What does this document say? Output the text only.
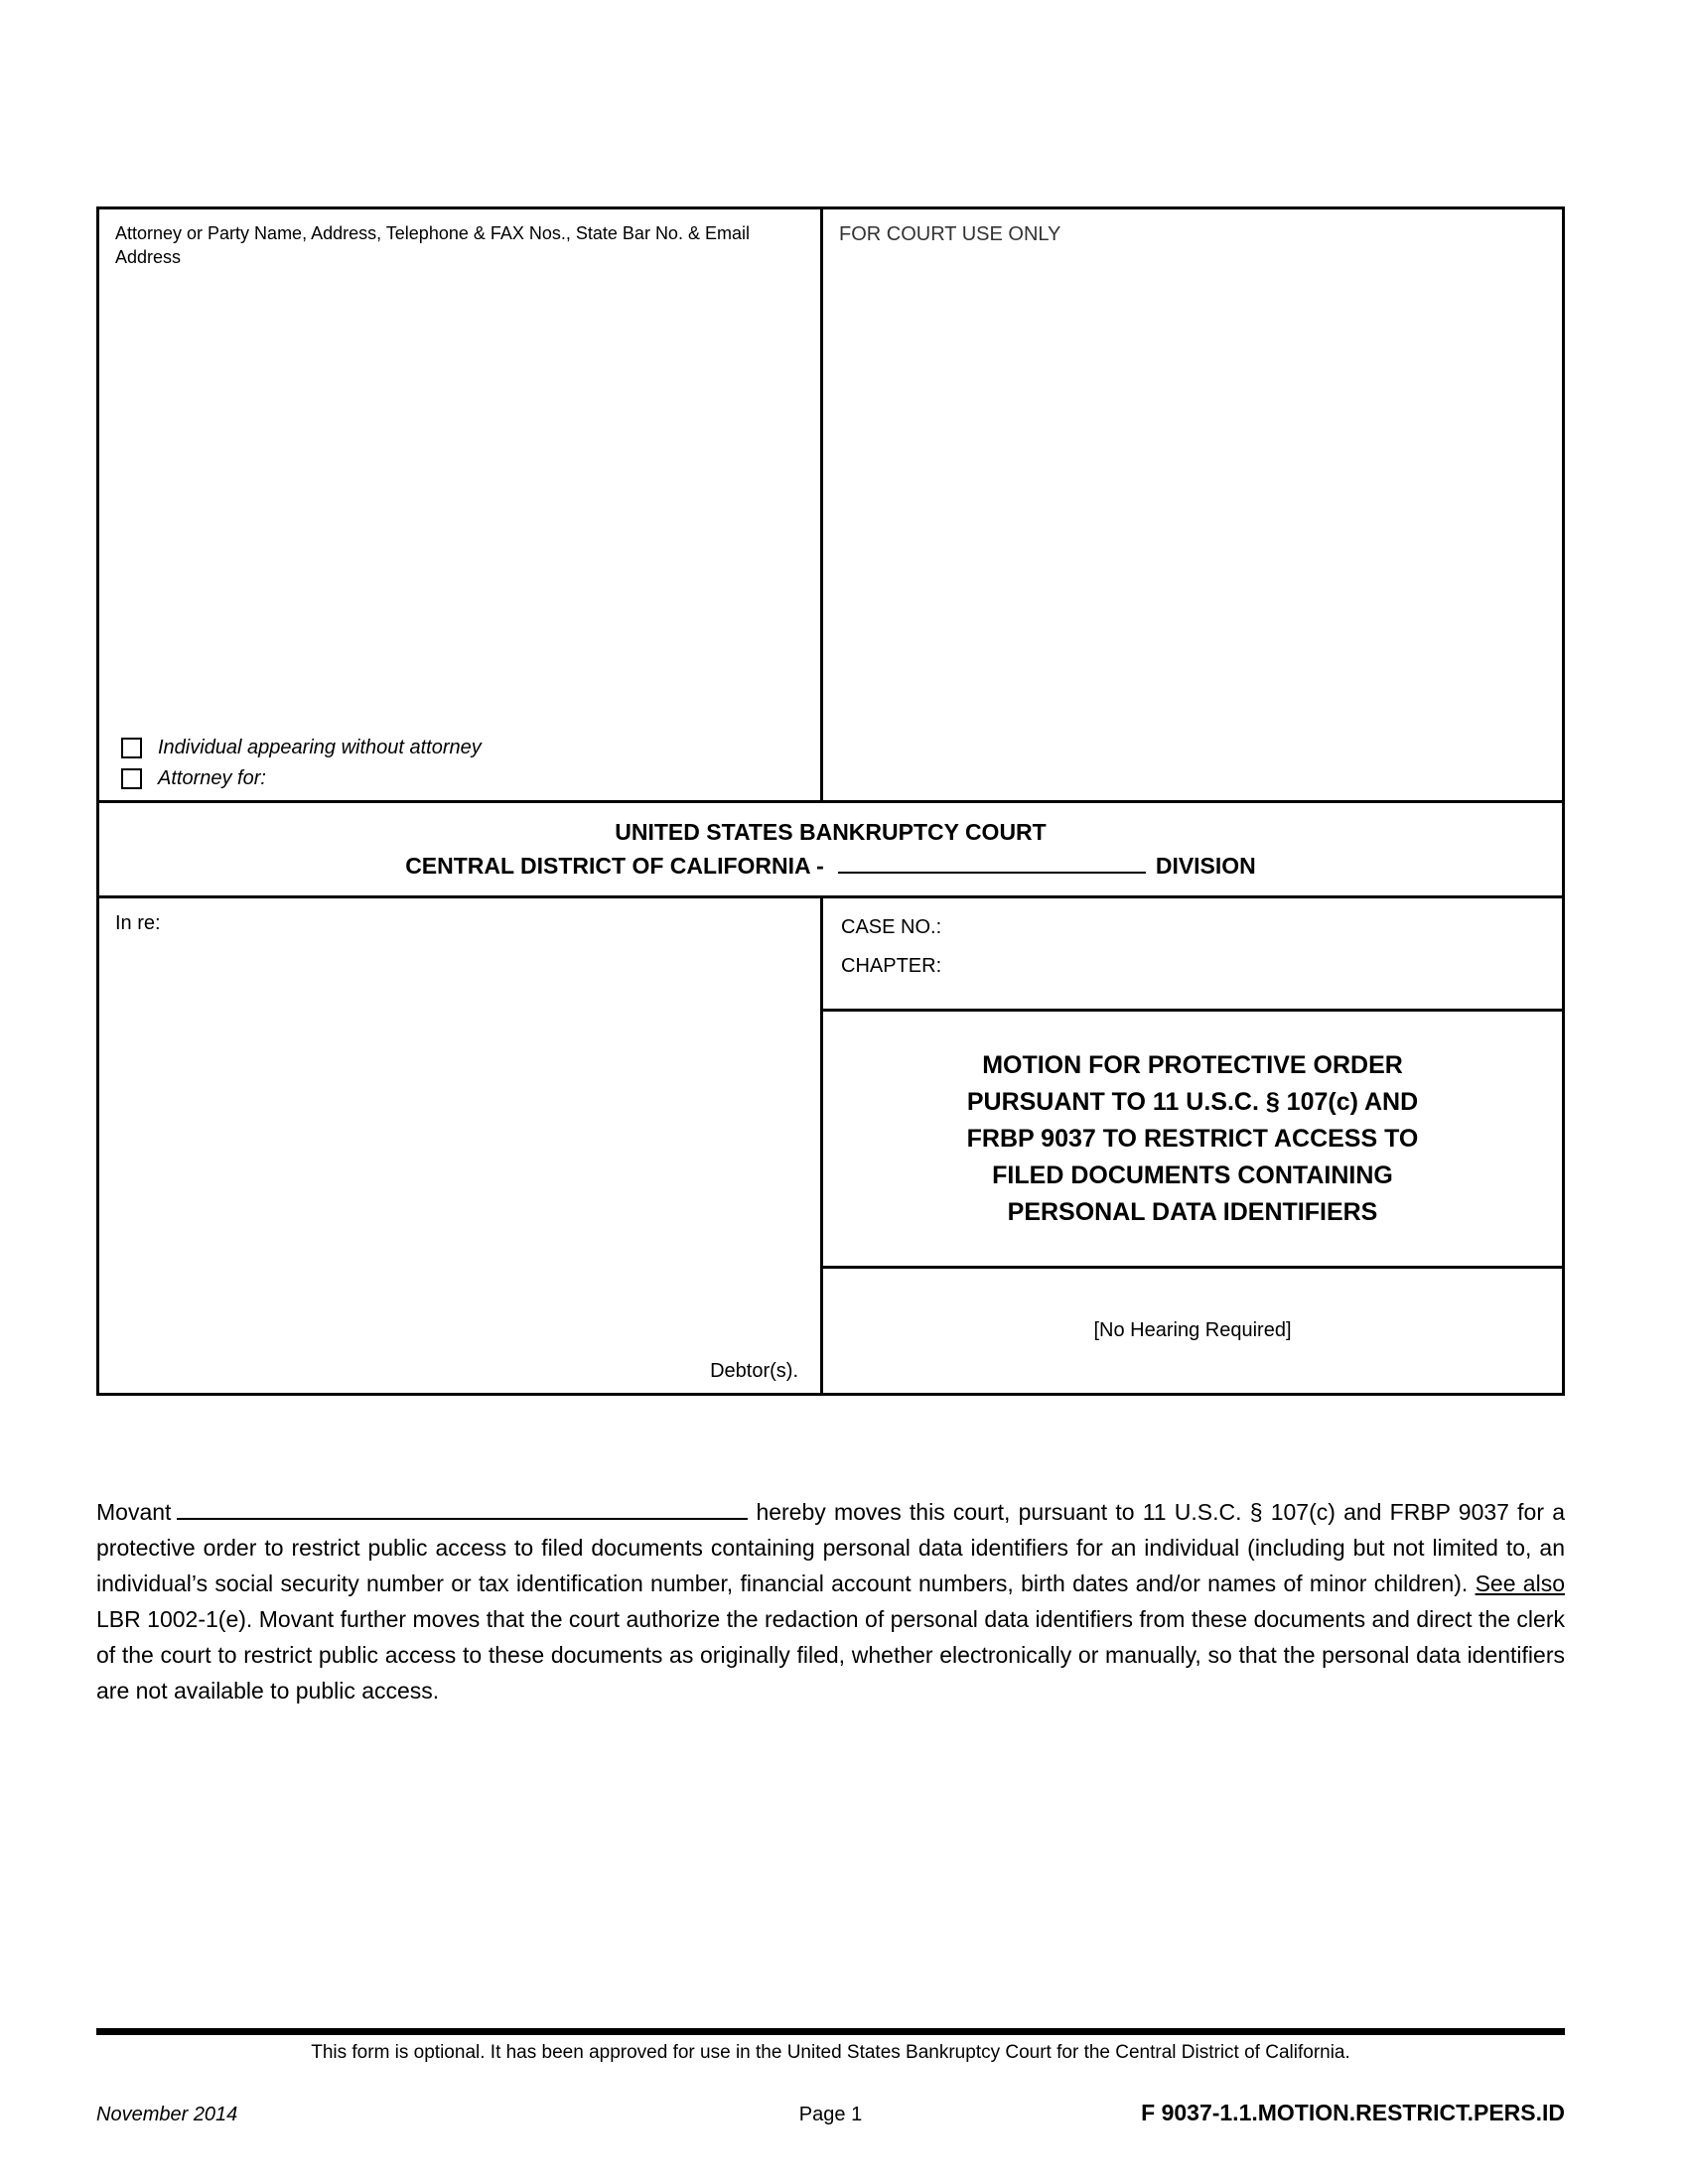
Attorney or Party Name, Address, Telephone & FAX Nos., State Bar No. & Email Address
Individual appearing without attorney
Attorney for:
FOR COURT USE ONLY
UNITED STATES BANKRUPTCY COURT
CENTRAL DISTRICT OF CALIFORNIA -	DIVISION
In re:
Debtor(s).
CASE NO.:
CHAPTER:
MOTION FOR PROTECTIVE ORDER
PURSUANT TO 11 U.S.C. § 107(c) AND
FRBP 9037 TO RESTRICT ACCESS TO
FILED DOCUMENTS CONTAINING
PERSONAL DATA IDENTIFIERS
[No Hearing Required]

Movant	hereby moves this court, pursuant to 11 U.S.C. § 107(c) and FRBP 9037 for a protective order to restrict public access to filed documents containing personal data identifiers for an individual (including but not limited to, an individual’s social security number or tax identification number, financial account numbers, birth dates and/or names of minor children). See also LBR 1002-1(e). Movant further moves that the court authorize the redaction of personal data identifiers from these documents and direct the clerk of the court to restrict public access to these documents as originally filed, whether electronically or manually, so that the personal data identifiers are not available to public access.

This form is optional. It has been approved for use in the United States Bankruptcy Court for the Central District of California.
November 2014	Page 1	F 9037-1.1.MOTION.RESTRICT.PERS.ID
